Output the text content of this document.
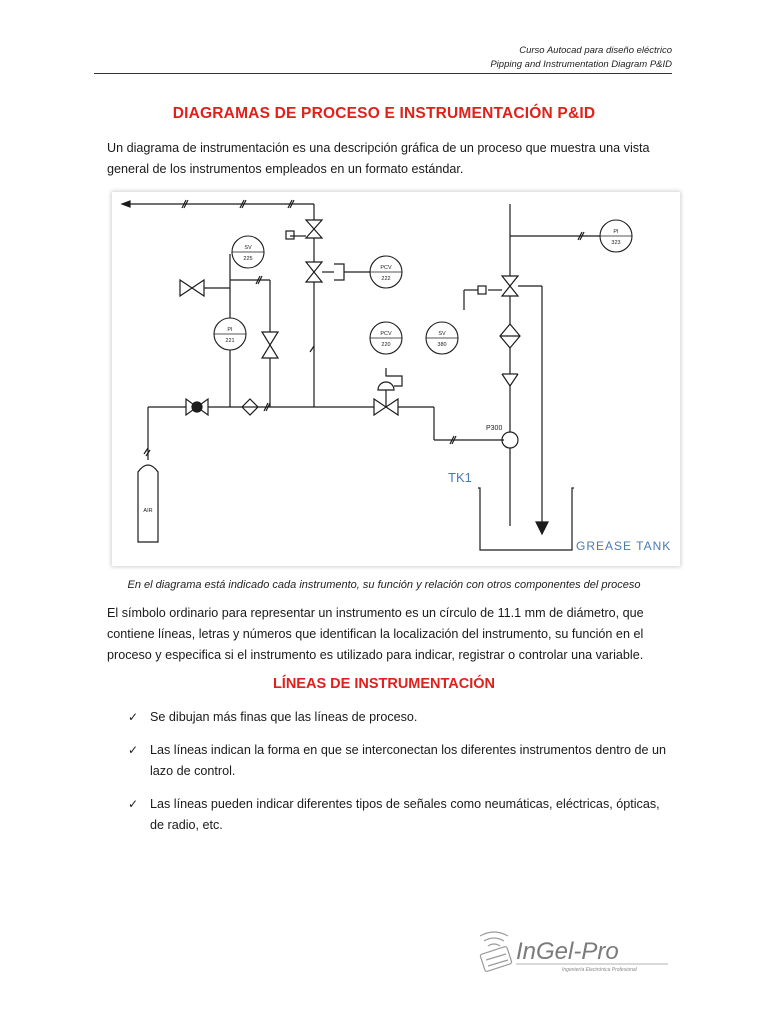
Curso Autocad para diseño eléctrico
Pipping and Instrumentation Diagram P&ID
DIAGRAMAS DE PROCESO E INSTRUMENTACIÓN P&ID
Un diagrama de instrumentación es una descripción gráfica de un proceso que muestra una vista general de los instrumentos empleados en un formato estándar.
SV
225
PCV
222
PI
221
PCV
220
SV
380
PI
323
AIR
P300
TK1
GREASE TANK
En el diagrama está indicado cada instrumento, su función y relación con otros componentes del proceso
El símbolo ordinario para representar un instrumento es un círculo de 11.1 mm de diámetro, que contiene líneas, letras y números que identifican la localización del instrumento, su función en el proceso y especifica si el instrumento es utilizado para indicar, registrar o controlar una variable.
LÍNEAS DE INSTRUMENTACIÓN
✓ Se dibujan más finas que las líneas de proceso.
✓ Las líneas indican la forma en que se interconectan los diferentes instrumentos dentro de un lazo de control.
✓ Las líneas pueden indicar diferentes tipos de señales como neumáticas, eléctricas, ópticas, de radio, etc.
InGel-Pro
Ingeniería Electrónica Profesional
